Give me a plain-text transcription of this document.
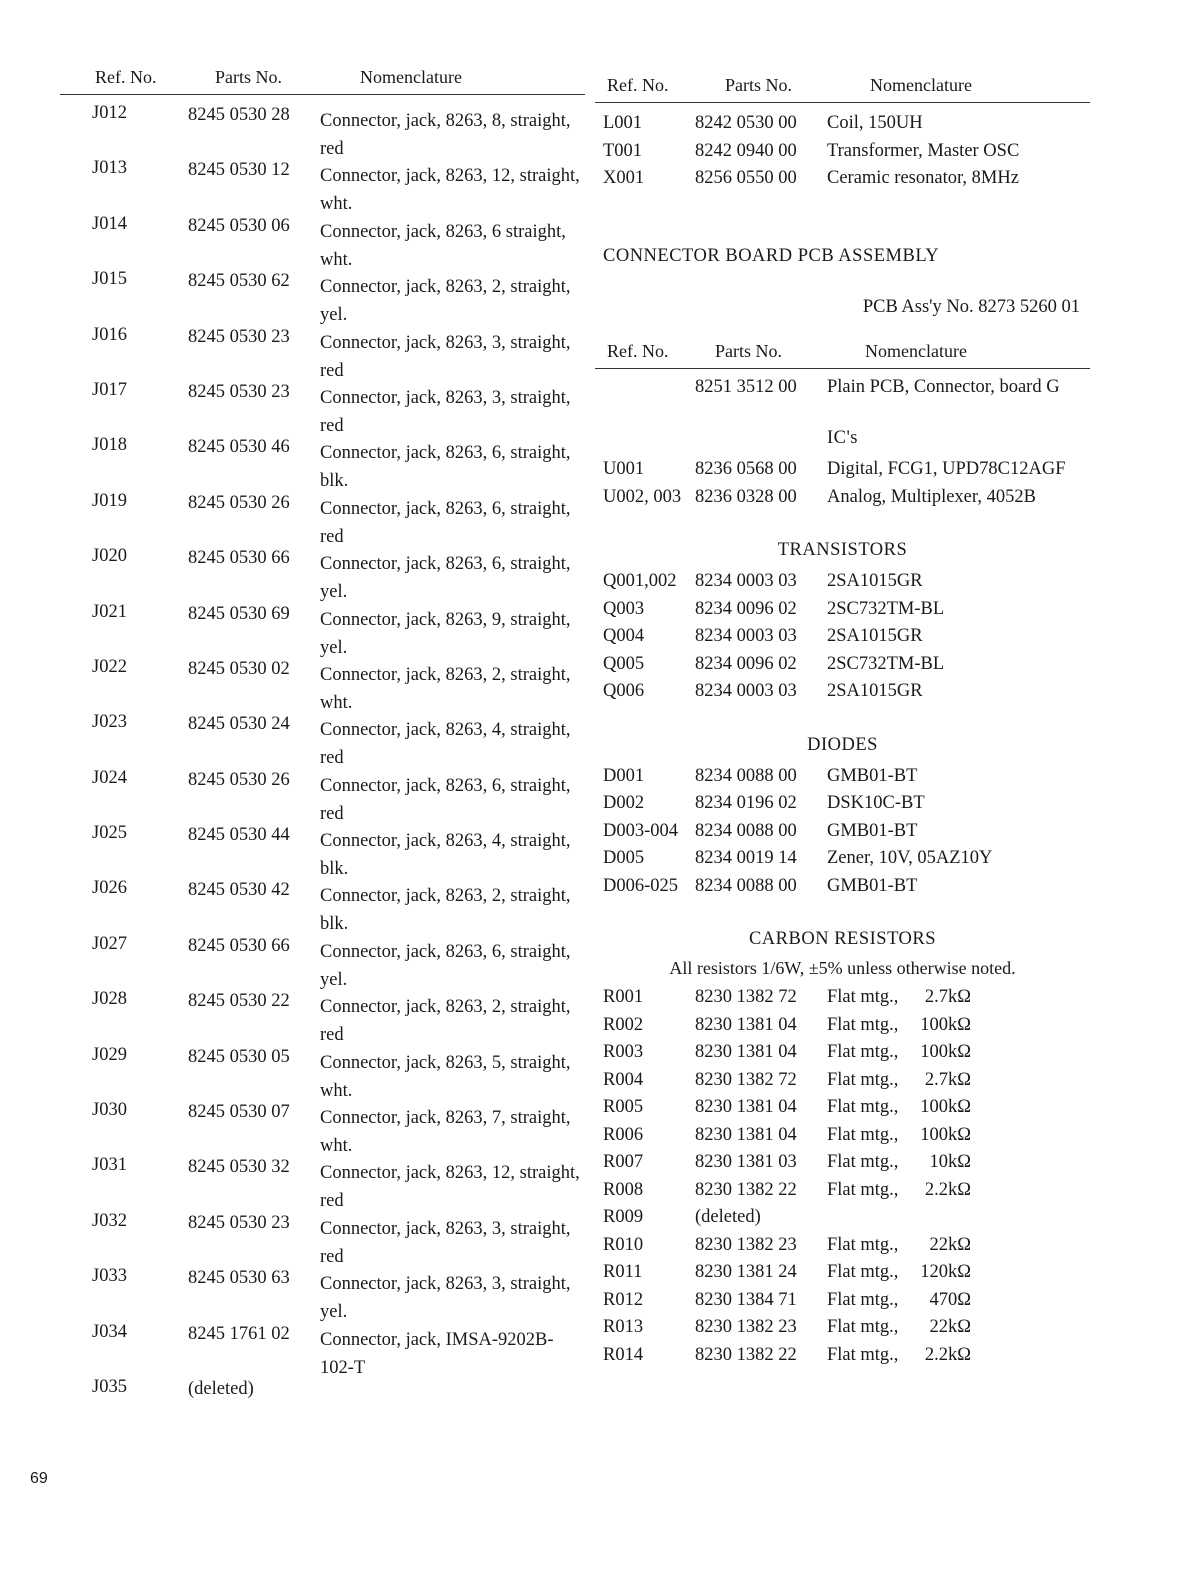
Ref. No.	Parts No.	Nomenclature
J012	8245 0530 28 Connector, jack, 8263, 8, straight, red
J013	8245 0530 12 Connector, jack, 8263, 12, straight, wht.
J014	8245 0530 06 Connector, jack, 8263, 6 straight, wht.
J015	8245 0530 62 Connector, jack, 8263, 2, straight, yel.
J016	8245 0530 23 Connector, jack, 8263, 3, straight, red
J017	8245 0530 23 Connector, jack, 8263, 3, straight, red
J018	8245 0530 46 Connector, jack, 8263, 6, straight, blk.
J019	8245 0530 26 Connector, jack, 8263, 6, straight, red
J020	8245 0530 66 Connector, jack, 8263, 6, straight, yel.
J021	8245 0530 69 Connector, jack, 8263, 9, straight, yel.
J022	8245 0530 02 Connector, jack, 8263, 2, straight, wht.
J023	8245 0530 24 Connector, jack, 8263, 4, straight, red
J024	8245 0530 26 Connector, jack, 8263, 6, straight, red
J025	8245 0530 44 Connector, jack, 8263, 4, straight, blk.
J026	8245 0530 42 Connector, jack, 8263, 2, straight, blk.
J027	8245 0530 66 Connector, jack, 8263, 6, straight, yel.
J028	8245 0530 22 Connector, jack, 8263, 2, straight, red
J029	8245 0530 05 Connector, jack, 8263, 5, straight, wht.
J030	8245 0530 07 Connector, jack, 8263, 7, straight, wht.
J031	8245 0530 32 Connector, jack, 8263, 12, straight, red
J032	8245 0530 23 Connector, jack, 8263, 3, straight, red
J033	8245 0530 63 Connector, jack, 8263, 3, straight, yel.
J034	8245 1761 02 Connector, jack, IMSA-9202B-102-T
J035	(deleted)
Ref. No.	Parts No.	Nomenclature
L001	8242 0530 00 Coil, 150UH
T001	8242 0940 00 Transformer, Master OSC
X001	8256 0550 00 Ceramic resonator, 8MHz
CONNECTOR BOARD PCB ASSEMBLY
PCB Ass'y No. 8273 5260 01
Ref. No.	Parts No.	Nomenclature
8251 3512 00 Plain PCB, Connector, board G
IC's
U001	8236 0568 00 Digital, FCG1, UPD78C12AGF
U002, 003 8236 0328 00 Analog, Multiplexer, 4052B
TRANSISTORS
Q001,002 8234 0003 03 2SA1015GR
Q003	8234 0096 02 2SC732TM-BL
Q004	8234 0003 03 2SA1015GR
Q005	8234 0096 02 2SC732TM-BL
Q006	8234 0003 03 2SA1015GR
DIODES
D001	8234 0088 00 GMB01-BT
D002	8234 0196 02 DSK10C-BT
D003-004 8234 0088 00 GMB01-BT
D005	8234 0019 14 Zener, 10V, 05AZ10Y
D006-025 8234 0088 00 GMB01-BT
CARBON RESISTORS
All resistors 1/6W, ±5% unless otherwise noted.
R001	8230 1382 72 Flat mtg.,	2.7kΩ
R002	8230 1381 04 Flat mtg.,	100kΩ
R003	8230 1381 04 Flat mtg.,	100kΩ
R004	8230 1382 72 Flat mtg.,	2.7kΩ
R005	8230 1381 04 Flat mtg.,	100kΩ
R006	8230 1381 04 Flat mtg.,	100kΩ
R007	8230 1381 03 Flat mtg.,	10kΩ
R008	8230 1382 22 Flat mtg.,	2.2kΩ
R009	(deleted)
R010	8230 1382 23 Flat mtg.,	22kΩ
R011	8230 1381 24 Flat mtg.,	120kΩ
R012	8230 1384 71 Flat mtg.,	470Ω
R013	8230 1382 23 Flat mtg.,	22kΩ
R014	8230 1382 22 Flat mtg.,	2.2kΩ
69
